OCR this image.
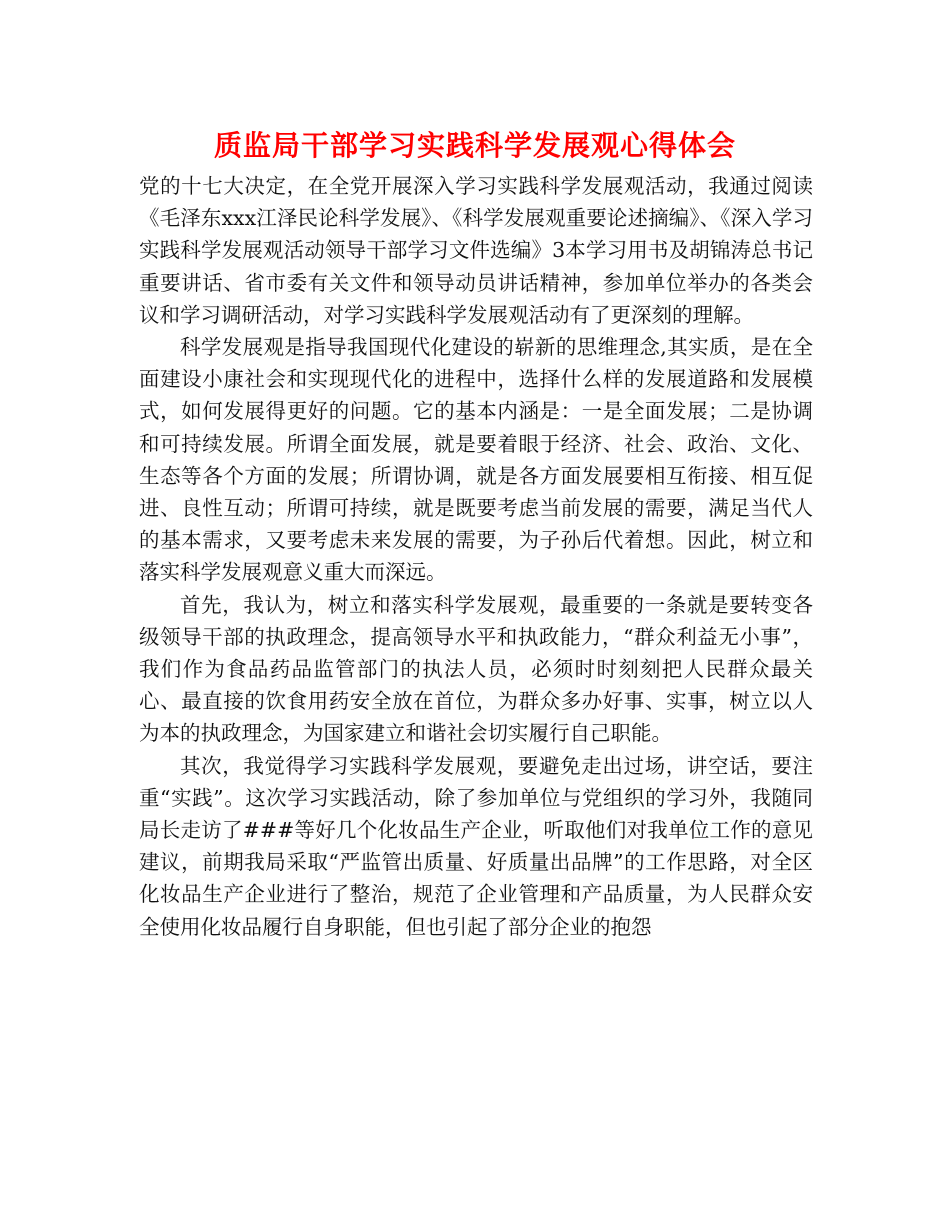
质监局干部学习实践科学发展观心得体会

党的十七大决定，在全党开展深入学习实践科学发展观活动，我通过阅读《毛泽东xxx江泽民论科学发展》、《科学发展观重要论述摘编》、《深入学习实践科学发展观活动领导干部学习文件选编》3本学习用书及胡锦涛总书记重要讲话、省市委有关文件和领导动员讲话精神，参加单位举办的各类会议和学习调研活动，对学习实践科学发展观活动有了更深刻的理解。

科学发展观是指导我国现代化建设的崭新的思维理念,其实质，是在全面建设小康社会和实现现代化的进程中，选择什么样的发展道路和发展模式，如何发展得更好的问题。它的基本内涵是：一是全面发展；二是协调和可持续发展。所谓全面发展，就是要着眼于经济、社会、政治、文化、生态等各个方面的发展；所谓协调，就是各方面发展要相互衔接、相互促进、良性互动；所谓可持续，就是既要考虑当前发展的需要，满足当代人的基本需求，又要考虑未来发展的需要，为子孙后代着想。因此，树立和落实科学发展观意义重大而深远。

首先，我认为，树立和落实科学发展观，最重要的一条就是要转变各级领导干部的执政理念，提高领导水平和执政能力，“群众利益无小事”，我们作为食品药品监管部门的执法人员，必须时时刻刻把人民群众最关心、最直接的饮食用药安全放在首位，为群众多办好事、实事，树立以人为本的执政理念，为国家建立和谐社会切实履行自己职能。

其次，我觉得学习实践科学发展观，要避免走出过场，讲空话，要注重“实践”。这次学习实践活动，除了参加单位与党组织的学习外，我随同局长走访了###等好几个化妆品生产企业，听取他们对我单位工作的意见建议，前期我局采取“严监管出质量、好质量出品牌”的工作思路，对全区化妆品生产企业进行了整治，规范了企业管理和产品质量，为人民群众安全使用化妆品履行自身职能，但也引起了部分企业的抱怨
